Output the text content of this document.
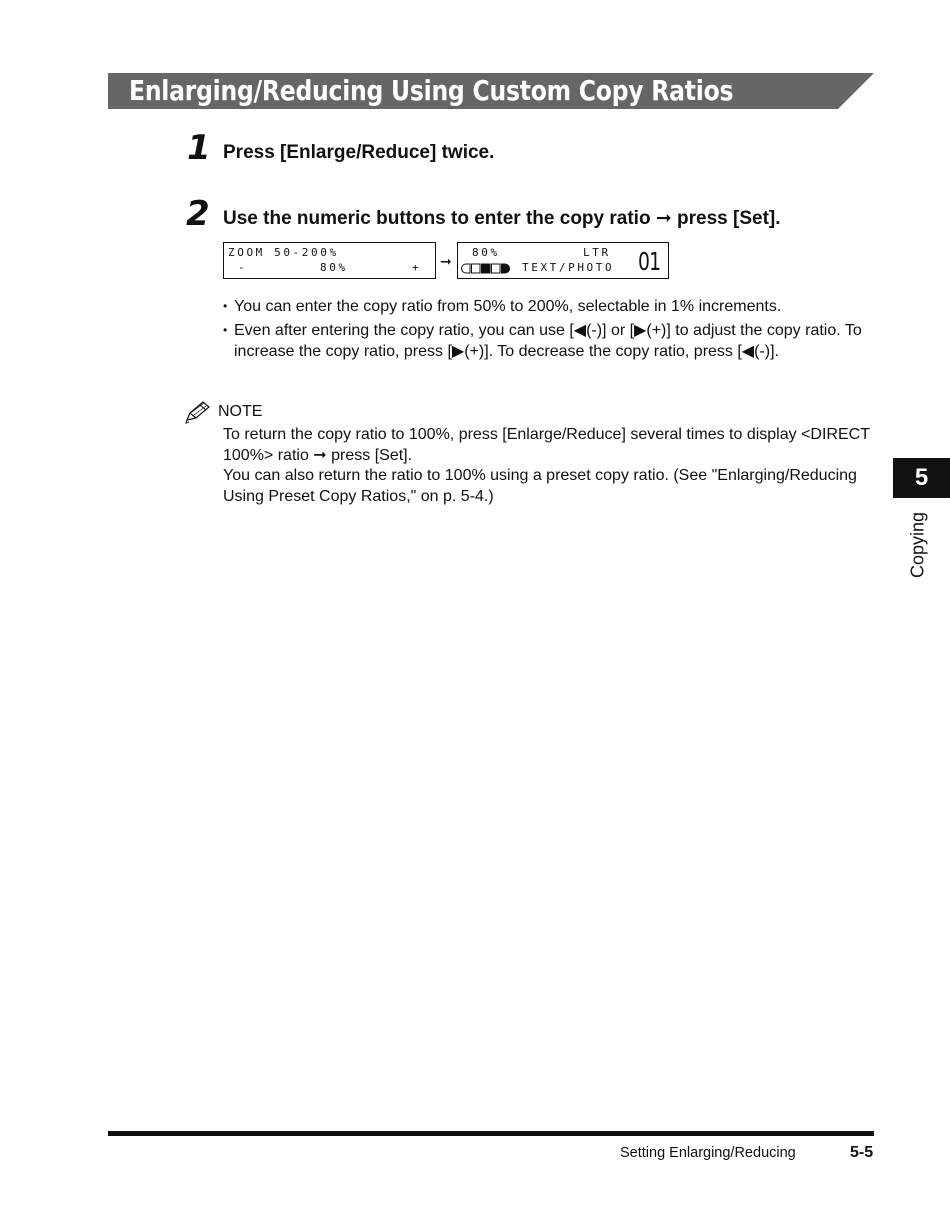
Enlarging/Reducing Using Custom Copy Ratios
1 Press [Enlarge/Reduce] twice.
2 Use the numeric buttons to enter the copy ratio ➞ press [Set].
ZOOM 50-200%
-	80%	+ ➞
80%	LTR
TEXT/PHOTO 01
• You can enter the copy ratio from 50% to 200%, selectable in 1% increments.
• Even after entering the copy ratio, you can use [◀(-)] or [▶(+)] to adjust the copy ratio. To increase the copy ratio, press [▶(+)]. To decrease the copy ratio, press [◀(-)].
NOTE
To return the copy ratio to 100%, press [Enlarge/Reduce] several times to display <DIRECT 100%> ratio ➞ press [Set].
You can also return the ratio to 100% using a preset copy ratio. (See "Enlarging/Reducing Using Preset Copy Ratios," on p. 5-4.)
5
Copying
Setting Enlarging/Reducing	5-5
